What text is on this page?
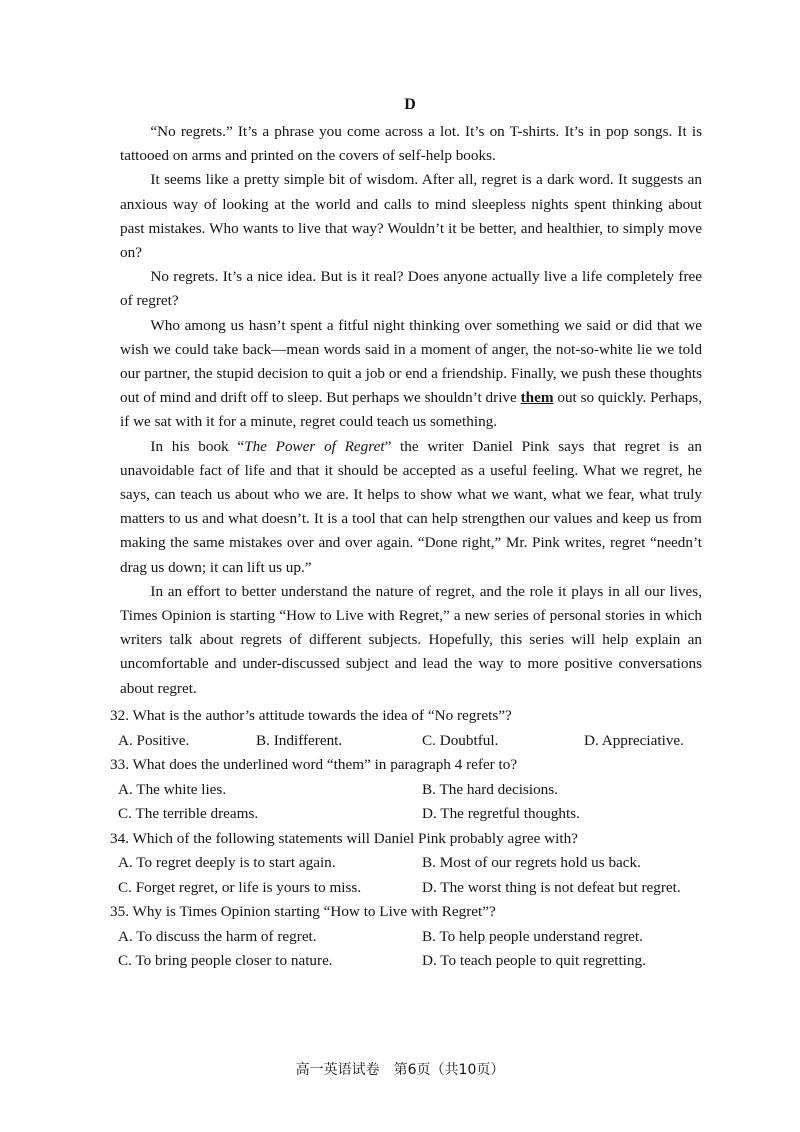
D

“No regrets.” It’s a phrase you come across a lot. It’s on T-shirts. It’s in pop songs. It is tattooed on arms and printed on the covers of self-help books.

It seems like a pretty simple bit of wisdom. After all, regret is a dark word. It suggests an anxious way of looking at the world and calls to mind sleepless nights spent thinking about past mistakes. Who wants to live that way? Wouldn’t it be better, and healthier, to simply move on?

No regrets. It’s a nice idea. But is it real? Does anyone actually live a life completely free of regret?

Who among us hasn’t spent a fitful night thinking over something we said or did that we wish we could take back—mean words said in a moment of anger, the not-so-white lie we told our partner, the stupid decision to quit a job or end a friendship. Finally, we push these thoughts out of mind and drift off to sleep. But perhaps we shouldn’t drive them out so quickly. Perhaps, if we sat with it for a minute, regret could teach us something.

In his book “The Power of Regret” the writer Daniel Pink says that regret is an unavoidable fact of life and that it should be accepted as a useful feeling. What we regret, he says, can teach us about who we are. It helps to show what we want, what we fear, what truly matters to us and what doesn’t. It is a tool that can help strengthen our values and keep us from making the same mistakes over and over again. “Done right,” Mr. Pink writes, regret “needn’t drag us down; it can lift us up.”

In an effort to better understand the nature of regret, and the role it plays in all our lives, Times Opinion is starting “How to Live with Regret,” a new series of personal stories in which writers talk about regrets of different subjects. Hopefully, this series will help explain an uncomfortable and under-discussed subject and lead the way to more positive conversations about regret.

32. What is the author’s attitude towards the idea of “No regrets”?
A. Positive.	B. Indifferent.	C. Doubtful.	D. Appreciative.
33. What does the underlined word “them” in paragraph 4 refer to?
A. The white lies.	B. The hard decisions.
C. The terrible dreams.	D. The regretful thoughts.
34. Which of the following statements will Daniel Pink probably agree with?
A. To regret deeply is to start again.	B. Most of our regrets hold us back.
C. Forget regret, or life is yours to miss.	D. The worst thing is not defeat but regret.
35. Why is Times Opinion starting “How to Live with Regret”?
A. To discuss the harm of regret.	B. To help people understand regret.
C. To bring people closer to nature.	D. To teach people to quit regretting.
高一英语试卷　第6页（共10页）
